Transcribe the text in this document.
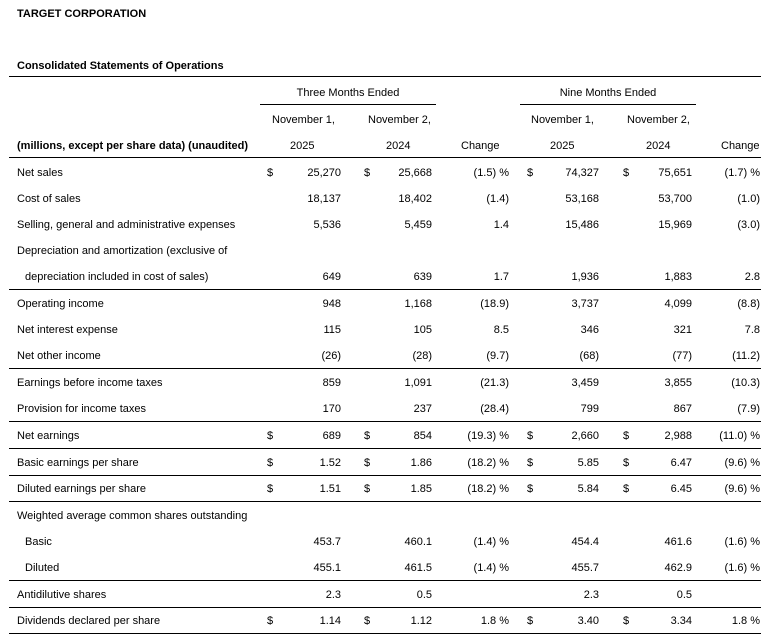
TARGET CORPORATION
Consolidated Statements of Operations
Three Months Ended	Nine Months Ended
November 1,	November 2,	November 1,	November 2,
(millions, except per share data) (unaudited)	2025	2024	Change	2025	2024	Change
Net sales	$	25,270 $	25,668	(1.5) % $	74,327 $	75,651	(1.7) %
Cost of sales	18,137	18,402	(1.4)	53,168	53,700	(1.0)
Selling, general and administrative expenses	5,536	5,459	1.4	15,486	15,969	(3.0)
Depreciation and amortization (exclusive of
depreciation included in cost of sales)	649	639	1.7	1,936	1,883	2.8
Operating income	948	1,168	(18.9)	3,737	4,099	(8.8)
Net interest expense	115	105	8.5	346	321	7.8
Net other income	(26)	(28)	(9.7)	(68)	(77)	(11.2)
Earnings before income taxes	859	1,091	(21.3)	3,459	3,855	(10.3)
Provision for income taxes	170	237	(28.4)	799	867	(7.9)
Net earnings	$	689 $	854	(19.3) % $	2,660 $	2,988	(11.0) %
Basic earnings per share	$	1.52 $	1.86	(18.2) % $	5.85 $	6.47	(9.6) %
Diluted earnings per share	$	1.51 $	1.85	(18.2) % $	5.84 $	6.45	(9.6) %
Weighted average common shares outstanding
Basic	453.7	460.1	(1.4) %	454.4	461.6	(1.6) %
Diluted	455.1	461.5	(1.4) %	455.7	462.9	(1.6) %
Antidilutive shares	2.3	0.5	2.3	0.5
Dividends declared per share	$	1.14 $	1.12	1.8 % $	3.40 $	3.34	1.8 %
